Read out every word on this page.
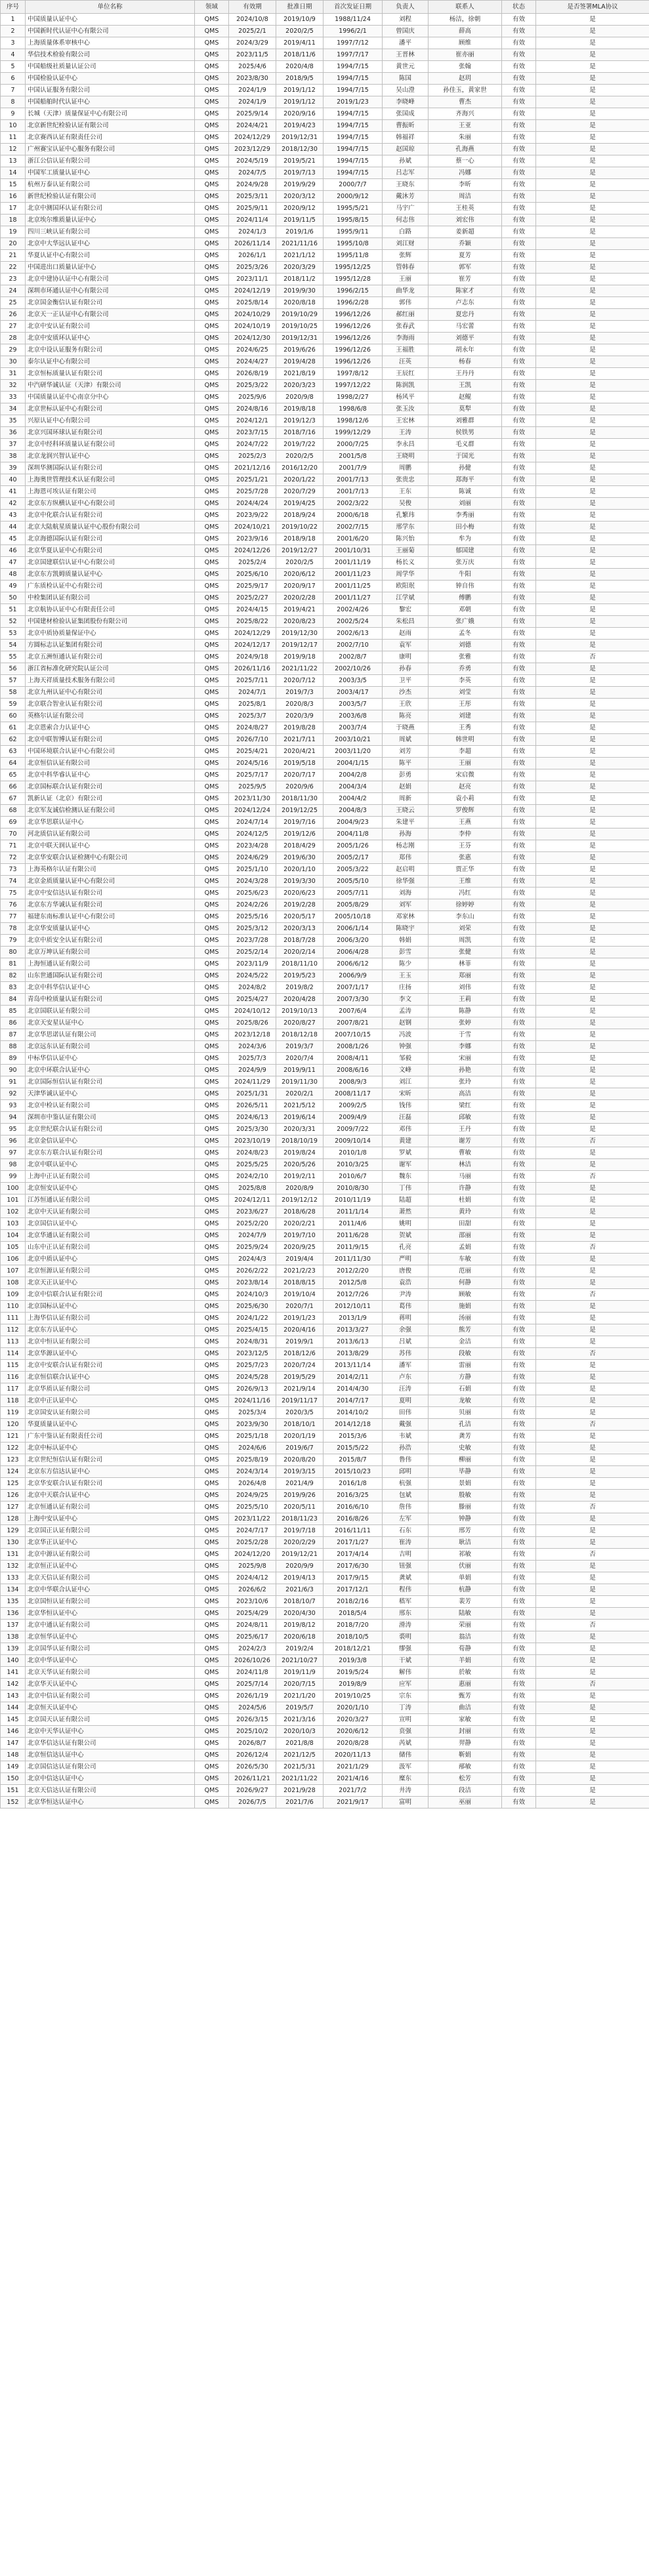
序号	单位名称	领域	有效期	批准日期	首次发证日期	负责人	联系人	状态	是否签署MLA协议
1	中国质量认证中心	QMS	2024/10/8	2019/10/9	1988/11/24	刘程	杨洁，徐朝	有效	是
2	中国新时代认证中心有限公司	QMS	2025/2/1	2020/2/5	1996/2/1	曾国庆	薛高	有效	是
3	上海质量体系审核中心	QMS	2024/3/29	2019/4/11	1997/7/12	潘平	顾维	有效	是
4	华信技术检验有限公司	QMS	2023/11/5	2018/11/6	1997/7/17	王晋林	崔亦丽	有效	是
5	中国船级社质量认证公司	QMS	2025/4/6	2020/4/8	1994/7/15	黄世元	张翰	有效	是
6	中国检验认证中心	QMS	2023/8/30	2018/9/5	1994/7/15	陈国	赵玥	有效	是
7	中国认证服务有限公司	QMS	2024/1/9	2019/1/12	1994/7/15	吴山澄	孙佳玉，黄家世	有效	是
8	中国船舶时代认证中心	QMS	2024/1/9	2019/1/12	2019/1/23	李晓峰	曹杰	有效	是
9	长城（天津）质量保证中心有限公司	QMS	2025/9/14	2020/9/16	1994/7/15	张国成	齐海兴	有效	是
10	北京新世纪检验认证有限公司	QMS	2024/4/21	2019/4/23	1994/7/15	曹振昕	王亚	有效	是
11	北京赛西认证有限责任公司	QMS	2024/12/29	2019/12/31	1994/7/15	韩福祥	朱丽	有效	是
12	广州赛宝认证中心服务有限公司	QMS	2023/12/29	2018/12/30	1994/7/15	赵国琼	孔海燕	有效	是
13	浙江公信认证有限公司	QMS	2024/5/19	2019/5/21	1994/7/15	孙斌	蔡一心	有效	是
14	中国军工质量认证中心	QMS	2024/7/5	2019/7/13	1994/7/15	吕志军	冯娜	有效	是
15	杭州万泰认证有限公司	QMS	2024/9/28	2019/9/29	2000/7/7	王晓东	李昕	有效	是
16	新世纪检验认证有限公司	QMS	2025/3/11	2020/3/12	2000/9/12	戴沐芳	周洁	有效	是
17	北京中测国环认证有限公司	QMS	2025/9/11	2020/9/12	1995/5/21	马宇广	王桂英	有效	是
18	北京埃尔维质量认证中心	QMS	2024/11/4	2019/11/5	1995/8/15	何志伟	刘宏伟	有效	是
19	四川三峡认证有限公司	QMS	2024/1/3	2019/1/6	1995/9/11	白路	姜新超	有效	是
20	北京中大华远认证中心	QMS	2026/11/14	2021/11/16	1995/10/8	刘江财	乔颖	有效	是
21	华夏认证中心有限公司	QMS	2026/1/1	2021/1/12	1995/11/8	张辉	夏芳	有效	是
22	中国进出口质量认证中心	QMS	2025/3/26	2020/3/29	1995/12/25	管韩春	郭军	有效	是
23	北京中建协认证中心有限公司	QMS	2023/11/1	2018/11/2	1995/12/28	王丽	崔芳	有效	是
24	深圳市环通认证中心有限公司	QMS	2024/12/19	2019/9/30	1996/2/15	曲华龙	陈家才	有效	是
25	北京国金衡信认证有限公司	QMS	2025/8/14	2020/8/18	1996/2/28	郭伟	卢志东	有效	是
26	北京天一正认证中心有限公司	QMS	2024/10/29	2019/10/29	1996/12/26	郝红丽	夏忠丹	有效	是
27	北京中安认证有限公司	QMS	2024/10/19	2019/10/25	1996/12/26	张春武	马宏蕾	有效	是
28	北京中安质环认证中心	QMS	2024/12/30	2019/12/31	1996/12/26	李海雨	刘德平	有效	是
29	北京中设认证服务有限公司	QMS	2024/6/25	2019/6/26	1996/12/26	王福胜	胡永年	有效	是
30	泰尔认证中心有限公司	QMS	2024/4/27	2019/4/28	1996/12/26	汪英	杨春	有效	是
31	北京恒标质量认证有限公司	QMS	2026/8/19	2021/8/19	1997/8/12	王辰红	王丹丹	有效	是
32	中汽研华诚认证（天津）有限公司	QMS	2025/3/22	2020/3/23	1997/12/22	陈润凯	王凯	有效	是
33	中国质量认证中心南京分中心	QMS	2025/9/6	2020/9/8	1998/2/27	杨风平	赵鲲	有效	是
34	北京世标认证中心有限公司	QMS	2024/8/16	2019/8/18	1998/6/8	张玉汝	莫犁	有效	是
35	兴原认证中心有限公司	QMS	2024/12/1	2019/12/3	1998/12/6	王宏林	刘雅群	有效	是
36	北京兴国环球认证有限公司	QMS	2023/7/15	2018/7/16	1999/12/29	王涛	侯铁男	有效	是
37	北京中经科环质量认证有限公司	QMS	2024/7/22	2019/7/22	2000/7/25	李永昌	毛义群	有效	是
38	北京龙润兴智认证中心	QMS	2025/2/3	2020/2/5	2001/5/8	王晓明	于国光	有效	是
39	深圳华测国际认证有限公司	QMS	2021/12/16	2016/12/20	2001/7/9	周鹏	孙健	有效	是
40	上海奥世管理技术认证有限公司	QMS	2025/1/21	2020/1/22	2001/7/13	张贵忠	郑海平	有效	是
41	上海恩可埃认证有限公司	QMS	2025/7/28	2020/7/29	2001/7/13	王东	陈诚	有效	是
42	北京东方纵横认证中心有限公司	QMS	2024/4/24	2019/4/25	2002/3/22	吴俊	刘丽	有效	是
43	北京中化联合认证有限公司	QMS	2023/9/22	2018/9/24	2000/6/18	孔繁玮	李秀丽	有效	是
44	北京大陆航星质量认证中心股份有限公司	QMS	2024/10/21	2019/10/22	2002/7/15	邢学东	田小梅	有效	是
45	北京海德国际认证有限公司	QMS	2023/9/16	2018/9/18	2001/6/20	陈兴怡	牟为	有效	是
46	北京华夏认证中心有限公司	QMS	2024/12/26	2019/12/27	2001/10/31	王丽菊	郁国建	有效	是
47	北京国建联信认证中心有限公司	QMS	2025/2/4	2020/2/5	2001/11/19	杨长义	张万庆	有效	是
48	北京东方凯姆质量认证中心	QMS	2025/6/10	2020/6/12	2001/11/23	周学华	牛阳	有效	是
49	广东质检认证中心有限公司	QMS	2025/9/17	2020/9/17	2001/11/25	欧阳珉	钟自伟	有效	是
50	中检集团认证有限公司	QMS	2025/2/27	2020/2/28	2001/11/27	江学斌	傅鹏	有效	是
51	北京航协认证中心有限责任公司	QMS	2024/4/15	2019/4/21	2002/4/26	黎宏	邓朝	有效	是
52	中国建材检验认证集团股份有限公司	QMS	2025/8/22	2020/8/23	2002/5/24	朱松昌	张广娥	有效	是
53	北京中质协质量保证中心	QMS	2024/12/29	2019/12/30	2002/6/13	赵雨	孟冬	有效	是
54	方圆标志认证集团有限公司	QMS	2024/12/17	2019/12/17	2002/7/10	袁军	刘德	有效	是
55	北京五洲恒通认证有限公司	QMS	2024/9/18	2019/9/18	2002/8/7	康明	张雅	有效	否
56	浙江省标准化研究院认证公司	QMS	2026/11/16	2021/11/22	2002/10/26	孙春	乔勇	有效	是
57	上海天祥质量技术服务有限公司	QMS	2025/7/11	2020/7/12	2003/3/5	卫平	李英	有效	是
58	北京九州认证中心有限公司	QMS	2024/7/1	2019/7/3	2003/4/17	沙杰	刘莹	有效	是
59	北京联合智业认证有限公司	QMS	2025/8/1	2020/8/3	2003/5/7	王欣	王彤	有效	是
60	英格尔认证有限公司	QMS	2025/3/7	2020/3/9	2003/6/8	陈亮	刘建	有效	是
61	北京恩索合力认证中心	QMS	2024/8/27	2019/8/28	2003/7/4	于晓燕	王秀	有效	是
62	北京中联智博认证有限公司	QMS	2026/7/10	2021/7/11	2003/10/21	周斌	韩世明	有效	是
63	中国环境联合认证中心有限公司	QMS	2025/4/21	2020/4/21	2003/11/20	刘芳	李超	有效	是
64	北京恒信认证有限公司	QMS	2024/5/16	2019/5/18	2004/1/15	陈平	王丽	有效	是
65	北京中科华睿认证中心	QMS	2025/7/17	2020/7/17	2004/2/8	彭勇	宋启微	有效	是
66	北京国标联合认证有限公司	QMS	2025/9/5	2020/9/6	2004/3/4	赵娟	赵亮	有效	是
67	凯新认证（北京）有限公司	QMS	2023/11/30	2018/11/30	2004/4/2	周新	袁小莉	有效	是
68	北京军友诚信检测认证有限公司	QMS	2024/12/24	2019/12/25	2004/8/3	王晓云	罗俊辉	有效	是
69	北京华思联认证中心	QMS	2024/7/14	2019/7/16	2004/9/23	朱建平	王燕	有效	是
70	河北质信认证有限公司	QMS	2024/12/5	2019/12/6	2004/11/8	孙海	李仲	有效	是
71	北京中联天润认证中心	QMS	2023/4/28	2018/4/29	2005/1/26	杨志刚	王芬	有效	是
72	北京华安联合认证检测中心有限公司	QMS	2024/6/29	2019/6/30	2005/2/17	郑伟	张惠	有效	是
73	上海英格尔认证有限公司	QMS	2025/1/10	2020/1/10	2005/3/22	赵启明	贾正华	有效	是
74	北京金质质量认证中心有限公司	QMS	2024/3/28	2019/3/30	2005/5/10	徐华强	王维	有效	是
75	北京中安信达认证有限公司	QMS	2025/6/23	2020/6/23	2005/7/11	刘海	冯红	有效	是
76	北京东方华诚认证有限公司	QMS	2024/2/26	2019/2/28	2005/8/29	刘军	徐婷婷	有效	是
77	福建东南标准认证中心有限公司	QMS	2025/5/16	2020/5/17	2005/10/18	邓家林	李东山	有效	是
78	北京华安质量认证中心	QMS	2025/3/12	2020/3/13	2006/1/14	陈晓宇	刘荣	有效	是
79	北京中质安全认证有限公司	QMS	2023/7/28	2018/7/28	2006/3/20	韩娟	周凯	有效	是
80	北京万坤认证有限公司	QMS	2025/2/14	2020/2/14	2006/4/28	彭雪	张健	有效	是
81	上海恒通认证有限公司	QMS	2023/11/9	2018/11/10	2006/6/12	陈少	林菲	有效	是
82	山东世通国际认证有限公司	QMS	2024/5/22	2019/5/23	2006/9/9	王玉	郑丽	有效	是
83	北京中科华信认证中心	QMS	2024/8/2	2019/8/2	2007/1/17	庄扬	刘伟	有效	是
84	青岛中检质量认证有限公司	QMS	2025/4/27	2020/4/28	2007/3/30	李文	王莉	有效	是
85	北京国联认证有限公司	QMS	2024/10/12	2019/10/13	2007/6/4	孟涛	陈静	有效	是
86	北京天安星认证中心	QMS	2025/8/26	2020/8/27	2007/8/21	赵钢	张婷	有效	是
87	北京华思诺认证有限公司	QMS	2023/12/18	2018/12/18	2007/10/15	冯波	于雪	有效	是
88	北京远东认证有限公司	QMS	2024/3/6	2019/3/7	2008/1/26	钟强	李娜	有效	是
89	中标华信认证中心	QMS	2025/7/3	2020/7/4	2008/4/11	邹毅	宋丽	有效	是
90	北京中环联合认证中心	QMS	2024/9/9	2019/9/11	2008/6/16	文峰	孙艳	有效	是
91	北京国际恒信认证有限公司	QMS	2024/11/29	2019/11/30	2008/9/3	刘江	张玲	有效	是
92	天津华诚认证中心	QMS	2025/1/31	2020/2/1	2008/11/17	宋昕	高洁	有效	是
93	北京中检认证有限公司	QMS	2026/5/11	2021/5/12	2009/2/5	钱伟	梁红	有效	是
94	深圳市中鉴认证有限公司	QMS	2024/6/13	2019/6/14	2009/4/9	汪磊	邱敏	有效	是
95	北京世纪联合认证有限公司	QMS	2025/3/30	2020/3/31	2009/7/22	邓伟	王丹	有效	是
96	北京金信认证中心	QMS	2023/10/19	2018/10/19	2009/10/14	黄建	谢芳	有效	否
97	北京东方联合认证有限公司	QMS	2024/8/23	2019/8/24	2010/1/8	罗斌	曹敏	有效	是
98	北京中联认证中心	QMS	2025/5/25	2020/5/26	2010/3/25	谢军	林洁	有效	是
99	上海中正认证有限公司	QMS	2024/2/10	2019/2/11	2010/6/7	魏东	马丽	有效	否
100	北京恒安认证中心	QMS	2025/8/8	2020/8/9	2010/8/30	丁伟	许静	有效	是
101	江苏恒通认证有限公司	QMS	2024/12/11	2019/12/12	2010/11/19	陆超	杜娟	有效	是
102	北京中天认证有限公司	QMS	2023/6/27	2018/6/28	2011/1/14	萧然	黄玲	有效	是
103	北京国信认证中心	QMS	2025/2/20	2020/2/21	2011/4/6	姚明	田甜	有效	是
104	北京华通认证有限公司	QMS	2024/7/9	2019/7/10	2011/6/28	贺斌	邵丽	有效	是
105	山东中正认证有限公司	QMS	2025/9/24	2020/9/25	2011/9/15	孔亮	孟娟	有效	否
106	北京中质认证中心	QMS	2024/4/3	2019/4/4	2011/11/30	严明	车敏	有效	是
107	北京恒源认证有限公司	QMS	2026/2/22	2021/2/23	2012/2/20	唐俊	范丽	有效	是
108	北京天正认证中心	QMS	2023/8/14	2018/8/15	2012/5/8	袁浩	何静	有效	是
109	北京中信联合认证有限公司	QMS	2024/10/3	2019/10/4	2012/7/26	尹涛	顾敏	有效	否
110	北京国标认证中心	QMS	2025/6/30	2020/7/1	2012/10/11	葛伟	施娟	有效	是
111	上海华信认证有限公司	QMS	2024/1/22	2019/1/23	2013/1/9	蒋明	汤丽	有效	是
112	北京东方认证中心	QMS	2025/4/15	2020/4/16	2013/3/27	余强	熊芳	有效	是
113	北京中恒认证有限公司	QMS	2024/8/31	2019/9/1	2013/6/13	吕斌	金洁	有效	是
114	北京华源认证中心	QMS	2023/12/5	2018/12/6	2013/8/29	苏伟	段敏	有效	否
115	北京中安联合认证有限公司	QMS	2025/7/23	2020/7/24	2013/11/14	潘军	雷丽	有效	是
116	北京恒信联合认证中心	QMS	2024/5/28	2019/5/29	2014/2/11	卢东	方静	有效	是
117	北京华质认证有限公司	QMS	2026/9/13	2021/9/14	2014/4/30	汪涛	石娟	有效	是
118	北京中正认证中心	QMS	2024/11/16	2019/11/17	2014/7/17	夏明	龙敏	有效	是
119	北京国安认证有限公司	QMS	2025/3/4	2020/3/5	2014/10/2	田伟	贝丽	有效	是
120	华夏质量认证中心	QMS	2023/9/30	2018/10/1	2014/12/18	戴强	孔洁	有效	否
121	广东中鉴认证有限责任公司	QMS	2025/1/18	2020/1/19	2015/3/6	韦斌	龚芳	有效	是
122	北京中标认证中心	QMS	2024/6/6	2019/6/7	2015/5/22	孙浩	史敏	有效	是
123	北京世纪恒信认证有限公司	QMS	2025/8/19	2020/8/20	2015/8/7	鲁伟	柳丽	有效	是
124	北京东方信达认证中心	QMS	2024/3/14	2019/3/15	2015/10/23	邱明	毕静	有效	是
125	北京华安联合认证有限公司	QMS	2026/4/8	2021/4/9	2016/1/8	杭强	景娟	有效	是
126	北京中天联合认证中心	QMS	2024/9/25	2019/9/26	2016/3/25	包斌	殷敏	有效	是
127	北京恒通认证有限公司	QMS	2025/5/10	2020/5/11	2016/6/10	詹伟	滕丽	有效	否
128	上海中安认证中心	QMS	2023/11/22	2018/11/23	2016/8/26	左军	钟静	有效	是
129	北京国正认证有限公司	QMS	2024/7/17	2019/7/18	2016/11/11	石东	邢芳	有效	是
130	北京华正认证中心	QMS	2025/2/28	2020/2/29	2017/1/27	崔涛	耿洁	有效	是
131	北京中源认证有限公司	QMS	2024/12/20	2019/12/21	2017/4/14	吉明	祁敏	有效	否
132	北京恒正认证中心	QMS	2025/9/8	2020/9/9	2017/6/30	钮强	伏丽	有效	是
133	北京天信认证有限公司	QMS	2024/4/12	2019/4/13	2017/9/15	龚斌	单娟	有效	是
134	北京中华联合认证中心	QMS	2026/6/2	2021/6/3	2017/12/1	程伟	杭静	有效	是
135	北京国恒认证有限公司	QMS	2023/10/6	2018/10/7	2018/2/16	嵇军	裴芳	有效	是
136	北京华恒认证中心	QMS	2025/4/29	2020/4/30	2018/5/4	邢东	陆敏	有效	是
137	北京中通认证有限公司	QMS	2024/8/11	2019/8/12	2018/7/20	滑涛	荣丽	有效	否
138	北京恒华认证中心	QMS	2025/6/17	2020/6/18	2018/10/5	裘明	翁洁	有效	是
139	北京国华认证有限公司	QMS	2024/2/3	2019/2/4	2018/12/21	缪强	荀静	有效	是
140	北京中华认证中心	QMS	2026/10/26	2021/10/27	2019/3/8	干斌	羊娟	有效	是
141	北京天华认证有限公司	QMS	2024/11/8	2019/11/9	2019/5/24	解伟	於敏	有效	是
142	北京华天认证中心	QMS	2025/7/14	2020/7/15	2019/8/9	应军	惠丽	有效	否
143	北京中信认证有限公司	QMS	2026/1/19	2021/1/20	2019/10/25	宗东	甄芳	有效	是
144	北京恒天认证中心	QMS	2024/5/6	2019/5/7	2020/1/10	丁涛	曲洁	有效	是
145	北京国天认证有限公司	QMS	2026/3/15	2021/3/16	2020/3/27	宣明	家敏	有效	是
146	北京中天华认证中心	QMS	2025/10/2	2020/10/3	2020/6/12	贲强	封丽	有效	是
147	北京华信达认证有限公司	QMS	2026/8/7	2021/8/8	2020/8/28	芮斌	羿静	有效	是
148	北京恒信达认证中心	QMS	2026/12/4	2021/12/5	2020/11/13	储伟	靳娟	有效	是
149	北京国信达认证有限公司	QMS	2026/5/30	2021/5/31	2021/1/29	汲军	邴敏	有效	是
150	北京中信达认证中心	QMS	2026/11/21	2021/11/22	2021/4/16	糜东	松芳	有效	是
151	北京天信达认证有限公司	QMS	2026/9/27	2021/9/28	2021/7/2	井涛	段洁	有效	是
152	北京华恒达认证中心	QMS	2026/7/5	2021/7/6	2021/9/17	富明	巫丽	有效	是
